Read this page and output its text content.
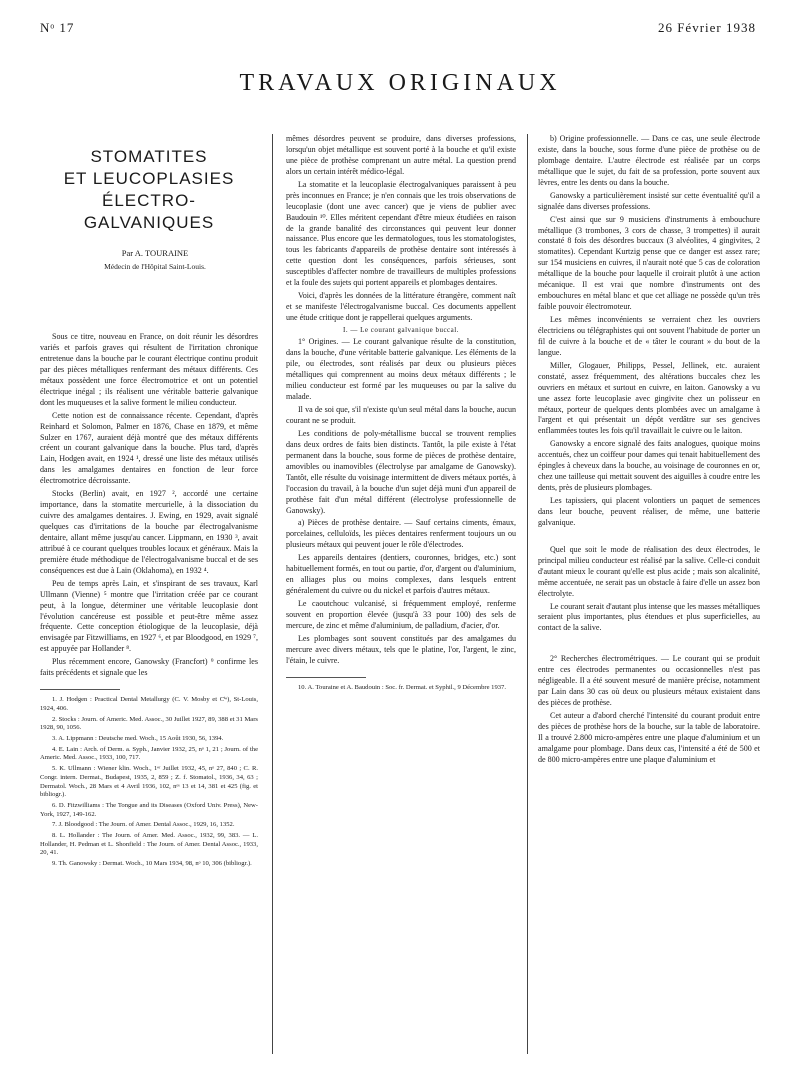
Nᵒ 17	26 Février 1938
TRAVAUX ORIGINAUX
STOMATITES
ET LEUCOPLASIES
ÉLECTRO-GALVANIQUES

Par A. TOURAINE

Médecin de l'Hôpital Saint-Louis.

Sous ce titre, nouveau en France, on doit réunir les désordres variés et parfois graves qui résultent de l'irritation chronique entretenue dans la bouche par le courant électrique continu produit par des pièces métalliques renfermant des métaux différents. Ces métaux possèdent une force électromotrice et ont un potentiel électrique inégal ; ils réalisent une véritable batterie galvanique dont les muqueuses et la salive forment le milieu conducteur.

Cette notion est de connaissance récente. Cependant, d'après Reinhard et Solomon, Palmer en 1876, Chase en 1879, et même Sulzer en 1767, auraient déjà montré que des métaux différents créent un courant galvanique dans la bouche. Plus tard, d'après Lain, Hodgen avait, en 1924 ¹, dressé une liste des métaux utilisés dans les amalgames dentaires en fonction de leur force électromotrice décroissante.

Stocks (Berlin) avait, en 1927 ², accordé une certaine importance, dans la stomatite mercurielle, à la dissociation du cuivre des amalgames dentaires. J. Ewing, en 1929, avait signalé quelques cas d'irritations de la bouche par électrogalvanisme dentaire, allant même jusqu'au cancer. Lippmann, en 1930 ³, avait attribué à ce courant quelques troubles locaux et généraux. Mais la première étude méthodique de l'électrogalvanisme buccal et de ses conséquences est due à Lain (Oklahoma), en 1932 ⁴.

Peu de temps après Lain, et s'inspirant de ses travaux, Karl Ullmann (Vienne) ⁵ montre que l'irritation créée par ce courant peut, à la longue, déterminer une véritable leucoplasie dont l'évolution cancéreuse est possible et peut-être même assez fréquente. Cette conception étiologique de la leucoplasie, déjà envisagée par Fitzwilliams, en 1927 ⁶, et par Bloodgood, en 1929 ⁷, est appuyée par Hollander ⁸.

Plus récemment encore, Ganowsky (Francfort) ⁹ confirme les faits précédents et signale que les

1. J. Hodgen : Practical Dental Metallurgy (C. V. Mosby et Cⁱᵉ), St-Louis, 1924, 406.

2. Stocks : Journ. of Americ. Med. Assoc., 30 Juillet 1927, 89, 388 et 31 Mars 1928, 90, 1056.

3. A. Lippmann : Deutsche med. Woch., 15 Août 1930, 56, 1394.

4. E. Lain : Arch. of Derm. a. Syph., Janvier 1932, 25, nᵒ 1, 21 ; Journ. of the Americ. Med. Assoc., 1933, 100, 717.

5. K. Ullmann : Wiener klin. Woch., 1ᵉʳ Juillet 1932, 45, nᵒ 27, 840 ; C. R. Congr. intern. Dermat., Budapest, 1935, 2, 859 ; Z. f. Stomatol., 1936, 34, 63 ; Dermatol. Woch., 28 Mars et 4 Avril 1936, 102, nᵒˢ 13 et 14, 381 et 425 (fig. et bibliogr.).

6. D. Fitzwilliams : The Tongue and its Diseases (Oxford Univ. Press), New-York, 1927, 149-162.

7. J. Bloodgood : The Journ. of Amer. Dental Assoc., 1929, 16, 1352.

8. L. Hollander : The Journ. of Amer. Med. Assoc., 1932, 99, 383. — L. Hollander, H. Pedman et L. Shonfield : The Journ. of Amer. Dental Assoc., 1933, 20, 41.

9. Th. Ganowsky : Dermat. Woch., 10 Mars 1934, 98, nᵒ 10, 306 (bibliogr.).

mêmes désordres peuvent se produire, dans diverses professions, lorsqu'un objet métallique est souvent porté à la bouche et qu'il existe une pièce de prothèse comprenant un autre métal. La question prend alors un certain intérêt médico-légal.

La stomatite et la leucoplasie électrogalvaniques paraissent à peu près inconnues en France; je n'en connais que les trois observations de leucoplasie (dont une avec cancer) que je viens de publier avec Baudouin ¹⁰. Elles méritent cependant d'être mieux étudiées en raison de la grande banalité des circonstances qui peuvent leur donner naissance. Plus encore que les dermatologues, tous les stomatologistes, tous les fabricants d'appareils de prothèse dentaire sont intéressés à cette question dont les conséquences, parfois sérieuses, sont susceptibles d'affecter nombre de travailleurs de multiples professions et la foule des sujets qui portent appareils et plombages dentaires.

Voici, d'après les données de la littérature étrangère, comment naît et se manifeste l'électrogalvanisme buccal. Ces documents appellent une étude critique dont je rappellerai quelques arguments.

I. — Le courant galvanique buccal.

1° Origines. — Le courant galvanique résulte de la constitution, dans la bouche, d'une véritable batterie galvanique. Les éléments de la pile, ou électrodes, sont réalisés par deux ou plusieurs pièces métalliques qui comprennent au moins deux métaux différents ; le milieu conducteur est formé par les muqueuses ou par la salive du malade.

Il va de soi que, s'il n'existe qu'un seul métal dans la bouche, aucun courant ne se produit.

Les conditions de poly-métallisme buccal se trouvent remplies dans deux ordres de faits bien distincts. Tantôt, la pile existe à l'état permanent dans la bouche, sous forme de pièces de prothèse dentaire, amovibles ou inamovibles (électrolyse par amalgame de Ganowsky). Tantôt, elle résulte du voisinage intermittent de divers métaux portés, à l'occasion du travail, à la bouche d'un sujet déjà muni d'un appareil de prothèse fait d'un métal différent (électrolyse professionnelle de Ganowsky).

a) Pièces de prothèse dentaire. — Sauf certains ciments, émaux, porcelaines, celluloïds, les pièces dentaires renferment toujours un ou plusieurs métaux qui peuvent jouer le rôle d'électrodes.

Les appareils dentaires (dentiers, couronnes, bridges, etc.) sont habituellement formés, en tout ou partie, d'or, d'argent ou d'aluminium, en alliages plus ou moins complexes, dans lesquels entrent généralement du cuivre ou du nickel et parfois d'autres métaux.

Le caoutchouc vulcanisé, si fréquemment employé, renferme souvent en proportion élevée (jusqu'à 33 pour 100) des sels de mercure, de zinc et même d'aluminium, de palladium, d'acier, d'or.

Les plombages sont souvent constitués par des amalgames du mercure avec divers métaux, tels que le platine, l'or, l'argent, le zinc, l'étain, le cuivre.

10. A. Touraine et A. Baudouin : Soc. fr. Dermat. et Syphil., 9 Décembre 1937.

b) Origine professionnelle. — Dans ce cas, une seule électrode existe, dans la bouche, sous forme d'une pièce de prothèse ou de plombage dentaire. L'autre électrode est réalisée par un corps métallique que le sujet, du fait de sa profession, porte souvent aux lèvres, entre les dents ou dans la bouche.

Ganowsky a particulièrement insisté sur cette éventualité qu'il a signalée dans diverses professions.

C'est ainsi que sur 9 musiciens d'instruments à embouchure métallique (3 trombones, 3 cors de chasse, 3 trompettes) il aurait constaté 8 fois des désordres buccaux (3 alvéolites, 4 gingivites, 2 stomatites). Cependant Kurtzig pense que ce danger est assez rare; sur 154 musiciens en cuivres, il n'aurait noté que 5 cas de coloration métallique de la bouche pour laquelle il croirait plutôt à une action mécanique. Il est vrai que nombre d'instruments ont des embouchures en métal blanc et que cet alliage ne possède qu'un très faible pouvoir électromoteur.

Les mêmes inconvénients se verraient chez les ouvriers électriciens ou télégraphistes qui ont souvent l'habitude de porter un fil de cuivre à la bouche et de « tâter le courant » du bout de la langue.

Miller, Glogauer, Philipps, Pessel, Jellinek, etc. auraient constaté, assez fréquemment, des altérations buccales chez les ouvriers en métaux et surtout en cuivre, en laiton. Ganowsky a vu une assez forte leucoplasie avec gingivite chez un polisseur en métaux, porteur de quelques dents plombées avec un amalgame à l'argent et qui présentait un dépôt verdâtre sur ses gencives enflammées toutes les fois qu'il travaillait le cuivre ou le laiton.

Ganowsky a encore signalé des faits analogues, quoique moins accentués, chez un coiffeur pour dames qui tenait habituellement des épingles à cheveux dans la bouche, au voisinage de couronnes en or, chez une tailleuse qui mettait souvent des aiguilles à coudre entre les dents, près de plusieurs plombages.

Les tapissiers, qui placent volontiers un paquet de semences dans leur bouche, peuvent réaliser, de même, une batterie galvanique.

Quel que soit le mode de réalisation des deux électrodes, le principal milieu conducteur est réalisé par la salive. Celle-ci conduit d'autant mieux le courant qu'elle est plus acide ; mais son alcalinité, même accentuée, ne serait pas un obstacle à faire d'elle un assez bon électrolyte.

Le courant serait d'autant plus intense que les masses métalliques seraient plus importantes, plus étendues et plus superficielles, au contact de la salive.

2° Recherches électrométriques. — Le courant qui se produit entre ces électrodes permanentes ou occasionnelles n'est pas négligeable. Il a été souvent mesuré de manière précise, notamment par Lain dans 30 cas où deux ou plusieurs métaux existaient dans des pièces de prothèse.

Cet auteur a d'abord cherché l'intensité du courant produit entre des pièces de prothèse hors de la bouche, sur la table de laboratoire. Il a trouvé 2.800 micro-ampères entre une plaque d'aluminium et un amalgame pour plombage. Dans deux cas, l'intensité a été de 500 et de 800 micro-ampères entre une plaque d'aluminium et
